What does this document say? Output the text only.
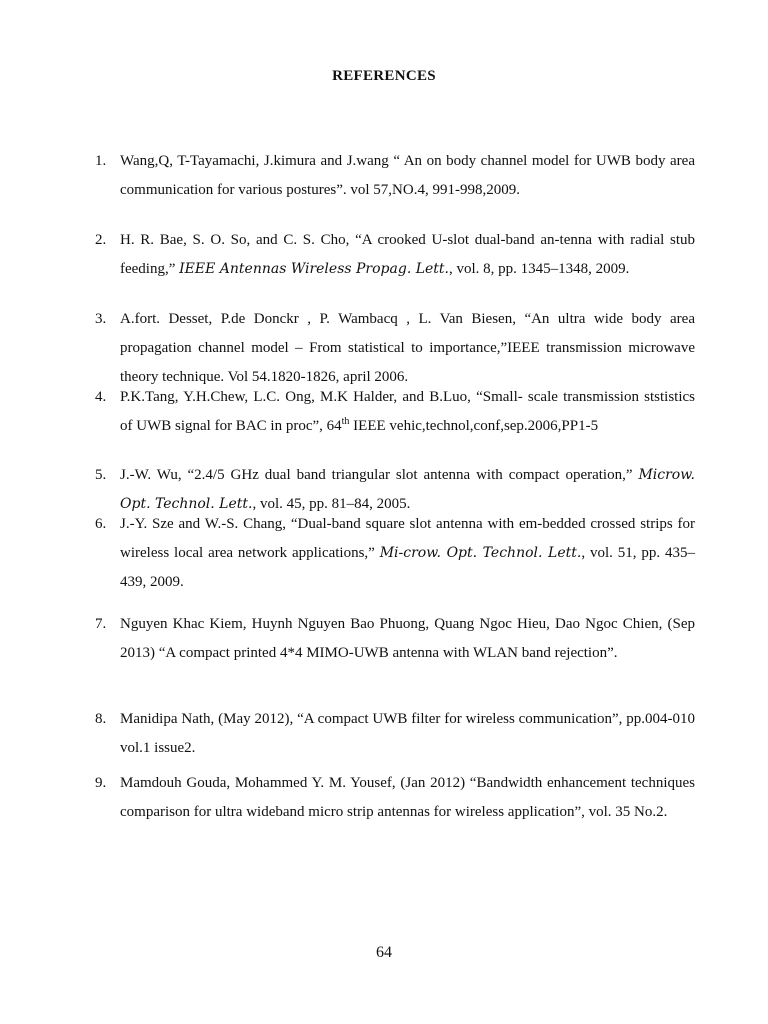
REFERENCES
1. Wang,Q, T-Tayamachi, J.kimura and J.wang “ An on body channel model for UWB body area communication for various postures”. vol 57,NO.4, 991-998,2009.
2. H. R. Bae, S. O. So, and C. S. Cho, “A crooked U-slot dual-band an-tenna with radial stub feeding,” IEEE Antennas Wireless Propag. Lett., vol. 8, pp. 1345–1348, 2009.
3. A.fort. Desset, P.de Donckr , P. Wambacq , L. Van Biesen, “An ultra wide body area propagation channel model – From statistical to importance,”IEEE transmission microwave theory technique. Vol 54.1820-1826, april 2006.
4. P.K.Tang, Y.H.Chew, L.C. Ong, M.K Halder, and B.Luo, “Small- scale transmission ststistics of UWB signal for BAC in proc”, 64th IEEE vehic,technol,conf,sep.2006,PP1-5
5. J.-W. Wu, “2.4/5 GHz dual band triangular slot antenna with compact operation,” Microw. Opt. Technol. Lett., vol. 45, pp. 81–84, 2005.
6. J.-Y. Sze and W.-S. Chang, “Dual-band square slot antenna with em-bedded crossed strips for wireless local area network applications,” Mi-crow. Opt. Technol. Lett., vol. 51, pp. 435–439, 2009.
7. Nguyen Khac Kiem, Huynh Nguyen Bao Phuong, Quang Ngoc Hieu, Dao Ngoc Chien, (Sep 2013) “A compact printed 4*4 MIMO-UWB antenna with WLAN band rejection”.
8. Manidipa Nath, (May 2012), “A compact UWB filter for wireless communication”, pp.004-010 vol.1 issue2.
9. Mamdouh Gouda, Mohammed Y. M. Yousef, (Jan 2012) “Bandwidth enhancement techniques comparison for ultra wideband micro strip antennas for wireless application”, vol. 35 No.2.
64
